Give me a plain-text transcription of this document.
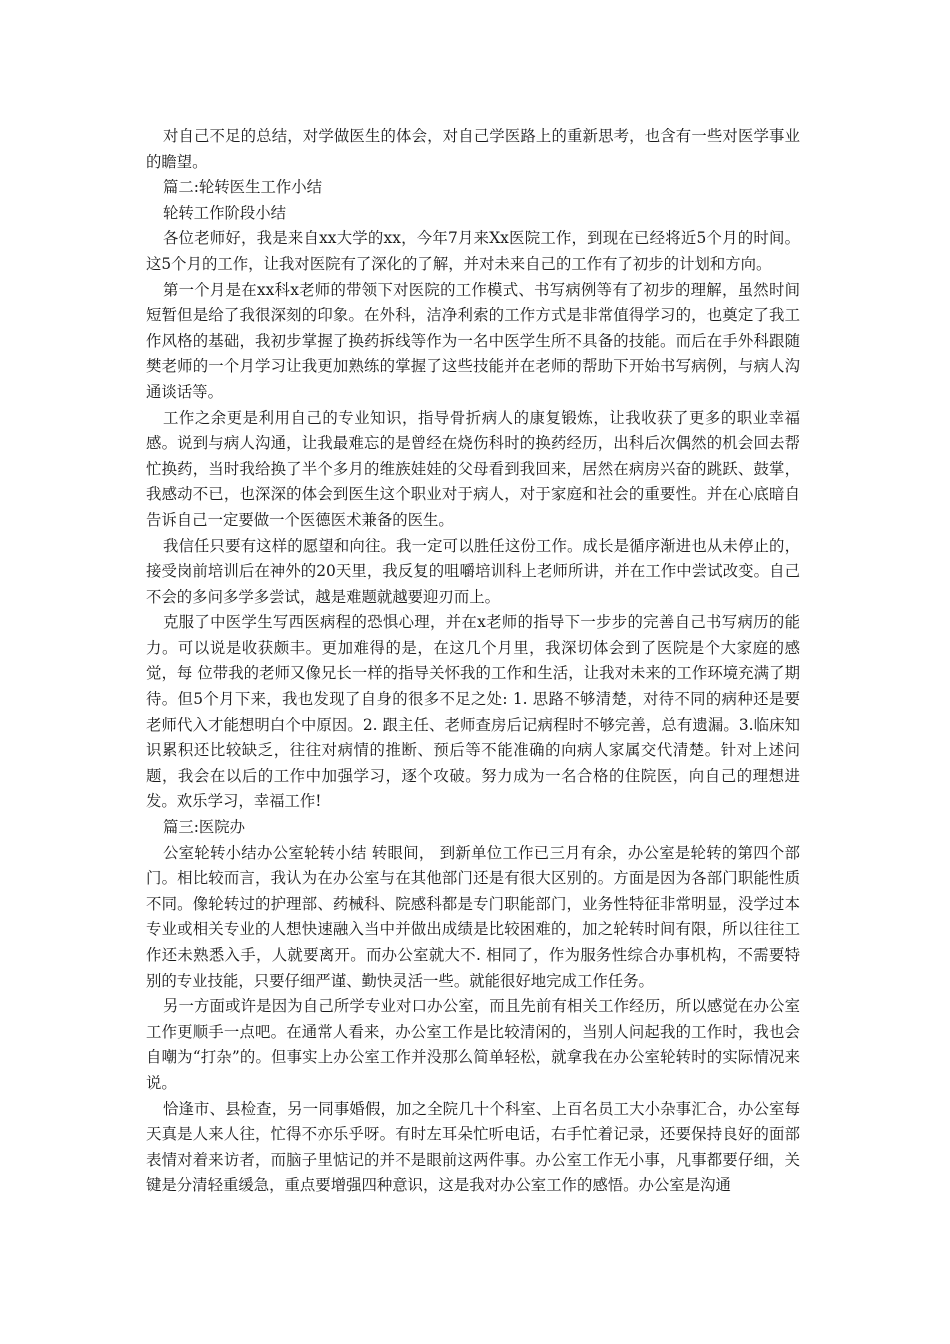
对自己不足的总结，对学做医生的体会，对自己学医路上的重新思考，也含有一些对医学事业的瞻望。

篇二:轮转医生工作小结

轮转工作阶段小结

各位老师好，我是来自xx大学的xx，今年7月来Xx医院工作，到现在已经将近5个月的时间。这5个月的工作，让我对医院有了深化的了解，并对未来自己的工作有了初步的计划和方向。

第一个月是在xx科x老师的带领下对医院的工作模式、书写病例等有了初步的理解，虽然时间短暂但是给了我很深刻的印象。在外科，洁净利索的工作方式是非常值得学习的，也奠定了我工作风格的基础，我初步掌握了换药拆线等作为一名中医学生所不具备的技能。而后在手外科跟随樊老师的一个月学习让我更加熟练的掌握了这些技能并在老师的帮助下开始书写病例，与病人沟通谈话等。

工作之余更是利用自己的专业知识，指导骨折病人的康复锻炼，让我收获了更多的职业幸福感。说到与病人沟通，让我最难忘的是曾经在烧伤科时的换药经历，出科后次偶然的机会回去帮忙换药，当时我给换了半个多月的维族娃娃的父母看到我回来，居然在病房兴奋的跳跃、鼓掌，我感动不已，也深深的体会到医生这个职业对于病人，对于家庭和社会的重要性。并在心底暗自告诉自己一定要做一个医德医术兼备的医生。

我信任只要有这样的愿望和向往。我一定可以胜任这份工作。成长是循序渐进也从未停止的，接受岗前培训后在神外的20天里，我反复的咀嚼培训科上老师所讲，并在工作中尝试改变。自己不会的多问多学多尝试，越是难题就越要迎刃而上。

克服了中医学生写西医病程的恐惧心理，并在x老师的指导下一步步的完善自己书写病历的能力。可以说是收获颇丰。更加难得的是，在这几个月里，我深切体会到了医院是个大家庭的感觉，每 位带我的老师又像兄长一样的指导关怀我的工作和生活，让我对未来的工作环境充满了期待。但5个月下来，我也发现了自身的很多不足之处: 1. 思路不够清楚，对待不同的病种还是要老师代入才能想明白个中原因。2. 跟主任、老师查房后记病程时不够完善，总有遗漏。3.临床知识累积还比较缺乏，往往对病情的推断、预后等不能准确的向病人家属交代清楚。针对上述问题，我会在以后的工作中加强学习，逐个攻破。努力成为一名合格的住院医，向自己的理想进发。欢乐学习，幸福工作!

篇三:医院办

公室轮转小结办公室轮转小结 转眼间， 到新单位工作已三月有余，办公室是轮转的第四个部门。相比较而言，我认为在办公室与在其他部门还是有很大区别的。方面是因为各部门职能性质不同。像轮转过的护理部、药械科、院感科都是专门职能部门，业务性特征非常明显，没学过本专业或相关专业的人想快速融入当中并做出成绩是比较困难的，加之轮转时间有限，所以往往工作还未熟悉入手，人就要离开。而办公室就大不. 相同了，作为服务性综合办事机构，不需要特别的专业技能，只要仔细严谨、勤快灵活一些。就能很好地完成工作任务。

另一方面或许是因为自己所学专业对口办公室，而且先前有相关工作经历，所以感觉在办公室工作更顺手一点吧。在通常人看来，办公室工作是比较清闲的，当别人问起我的工作时，我也会自嘲为“打杂”的。但事实上办公室工作并没那么简单轻松，就拿我在办公室轮转时的实际情况来说。

恰逢市、县检查，另一同事婚假，加之全院几十个科室、上百名员工大小杂事汇合，办公室每天真是人来人往，忙得不亦乐乎呀。有时左耳朵忙听电话，右手忙着记录，还要保持良好的面部表情对着来访者，而脑子里惦记的并不是眼前这两件事。办公室工作无小事，凡事都要仔细，关键是分清轻重缓急，重点要增强四种意识，这是我对办公室工作的感悟。办公室是沟通
